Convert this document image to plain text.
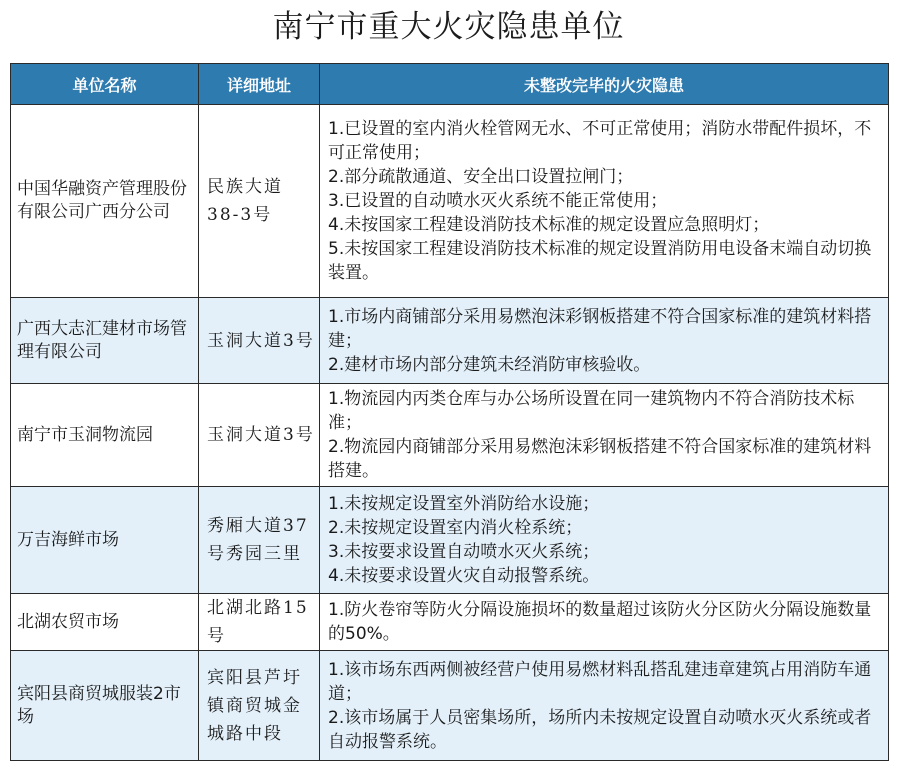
南宁市重大火灾隐患单位
单位名称	详细地址	未整改完毕的火灾隐患
中国华融资产管理股份有限公司广西分公司	民族大道38-3号	1.已设置的室内消火栓管网无水、不可正常使用；消防水带配件损坏，不可正常使用；
2.部分疏散通道、安全出口设置拉闸门；
3.已设置的自动喷水灭火系统不能正常使用；
4.未按国家工程建设消防技术标准的规定设置应急照明灯；
5.未按国家工程建设消防技术标准的规定设置消防用电设备末端自动切换装置。

广西大志汇建材市场管理有限公司	玉洞大道3号	1.市场内商铺部分采用易燃泡沫彩钢板搭建不符合国家标准的建筑材料搭建；
2.建材市场内部分建筑未经消防审核验收。

南宁市玉洞物流园	玉洞大道3号	1.物流园内丙类仓库与办公场所设置在同一建筑物内不符合消防技术标准；
2.物流园内商铺部分采用易燃泡沫彩钢板搭建不符合国家标准的建筑材料搭建。

万吉海鲜市场	秀厢大道37号秀园三里	1.未按规定设置室外消防给水设施；
2.未按规定设置室内消火栓系统；
3.未按要求设置自动喷水灭火系统；
4.未按要求设置火灾自动报警系统。

北湖农贸市场	北湖北路15号	1.防火卷帘等防火分隔设施损坏的数量超过该防火分区防火分隔设施数量的50%。

宾阳县商贸城服装2市场	宾阳县芦圩镇商贸城金城路中段	1.该市场东西两侧被经营户使用易燃材料乱搭乱建违章建筑占用消防车通道；
2.该市场属于人员密集场所，场所内未按规定设置自动喷水灭火系统或者自动报警系统。
